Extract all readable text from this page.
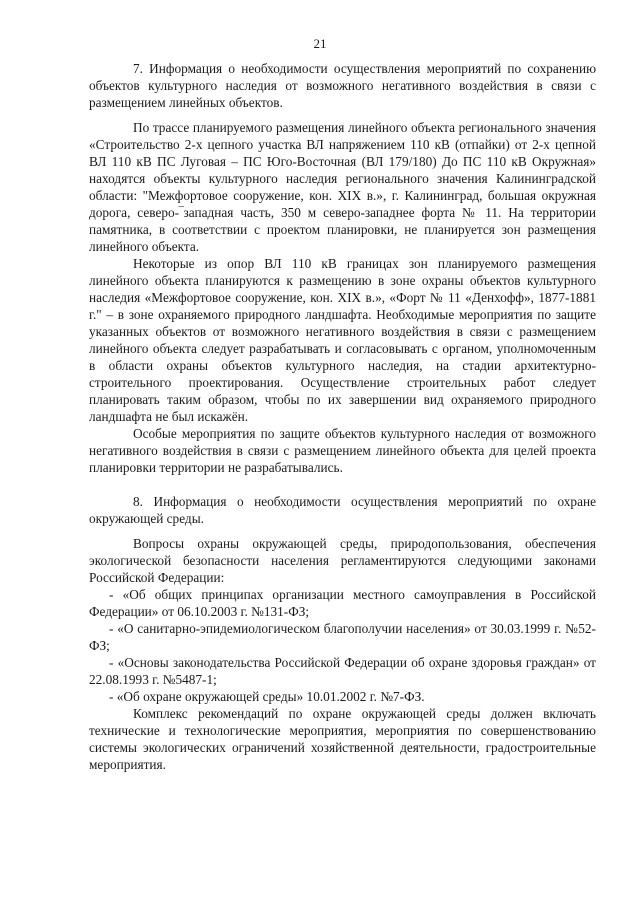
21

7. Информация о необходимости осуществления мероприятий по сохранению объектов культурного наследия от возможного негативного воздействия в связи с размещением линейных объектов.

По трассе планируемого размещения линейного объекта регионального значения «Строительство 2-х цепного участка ВЛ напряжением 110 кВ (отпайки) от 2-х цепной ВЛ 110 кВ ПС Луговая – ПС Юго-Восточная (ВЛ 179/180) До ПС 110 кВ Окружная» находятся объекты культурного наследия регионального значения Калининградской области: "Межфортовое сооружение, кон. XIX в.», г. Калининград, большая окружная дорога, северо-‾западная часть, 350 м северо-западнее форта № 11. На территории памятника, в соответствии с проектом планировки, не планируется зон размещения линейного объекта.

Некоторые из опор ВЛ 110 кВ границах зон планируемого размещения линейного объекта планируются к размещению в зоне охраны объектов культурного наследия «Межфортовое сооружение, кон. XIX в.», «Форт № 11 «Денхофф», 1877-1881 г." – в зоне охраняемого природного ландшафта. Необходимые мероприятия по защите указанных объектов от возможного негативного воздействия в связи с размещением линейного объекта следует разрабатывать и согласовывать с органом, уполномоченным в области охраны объектов культурного наследия, на стадии архитектурно-строительного проектирования. Осуществление строительных работ следует планировать таким образом, чтобы по их завершении вид охраняемого природного ландшафта не был искажён.

Особые мероприятия по защите объектов культурного наследия от возможного негативного воздействия в связи с размещением линейного объекта для целей проекта планировки территории не разрабатывались.

8. Информация о необходимости осуществления мероприятий по охране окружающей среды.

Вопросы охраны окружающей среды, природопользования, обеспечения экологической безопасности населения регламентируются следующими законами Российской Федерации:

- «Об общих принципах организации местного самоуправления в Российской Федерации» от 06.10.2003 г. №131-ФЗ;

- «О санитарно-эпидемиологическом благополучии населения» от 30.03.1999 г. №52-ФЗ;

- «Основы законодательства Российской Федерации об охране здоровья граждан» от 22.08.1993 г. №5487-1;

- «Об охране окружающей среды» 10.01.2002 г. №7-ФЗ.

Комплекс рекомендаций по охране окружающей среды должен включать технические и технологические мероприятия, мероприятия по совершенствованию системы экологических ограничений хозяйственной деятельности, градостроительные мероприятия.
